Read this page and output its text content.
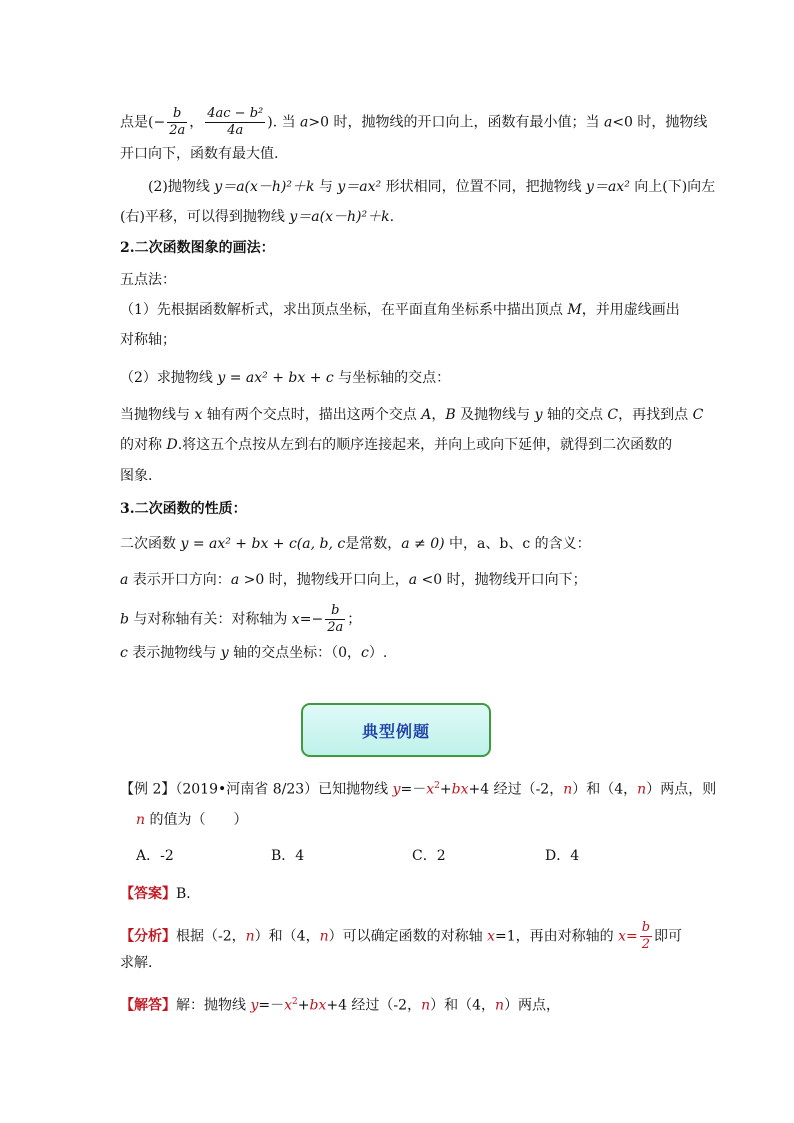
点是(− $\frac{b}{2a}$ ， $\frac{\text{4ac − b²}}{4a}$ ). 当 a>0 时，抛物线的开口向上，函数有最小值；当 a<0 时，抛物线
开口向下，函数有最大值.
(2)抛物线 y＝a(x－h)²＋k 与 y＝ax² 形状相同，位置不同，把抛物线 y＝ax² 向上(下)向左
(右)平移，可以得到抛物线 y＝a(x－h)²＋k.
2.二次函数图象的画法：
五点法：
（1）先根据函数解析式，求出顶点坐标，在平面直角坐标系中描出顶点 M，并用虚线画出
对称轴；
（2）求抛物线 y = ax² + bx + c 与坐标轴的交点：
当抛物线与 x 轴有两个交点时，描出这两个交点 A，B 及抛物线与 y 轴的交点 C，再找到点 C
的对称 D.将这五个点按从左到右的顺序连接起来，并向上或向下延伸，就得到二次函数的
图象.
3.二次函数的性质：
二次函数 y = ax² + bx + c(a, b, c是常数，a ≠ 0) 中，a、b、c 的含义：
a 表示开口方向：a >0 时，抛物线开口向上，a <0 时，抛物线开口向下；
b 与对称轴有关：对称轴为 $x=- \frac{b}{2a}$ ；
c 表示抛物线与 y 轴的交点坐标：（0，c）.
典型例题
【例 2】（2019•河南省 8/23）已知抛物线 $y=-x^2+bx+4$ 经过（-2，n）和（4，n）两点，则
n 的值为（　　）
A．-2	B．4	C．2	D．4
【答案】B．
【分析】根据（-2，n）和（4，n）可以确定函数的对称轴 x=1，再由对称轴的 $x= \frac{b}{2}$ 即可
求解.
【解答】解：抛物线 $y=-x^2+bx+4$ 经过（-2，n）和（4，n）两点，
